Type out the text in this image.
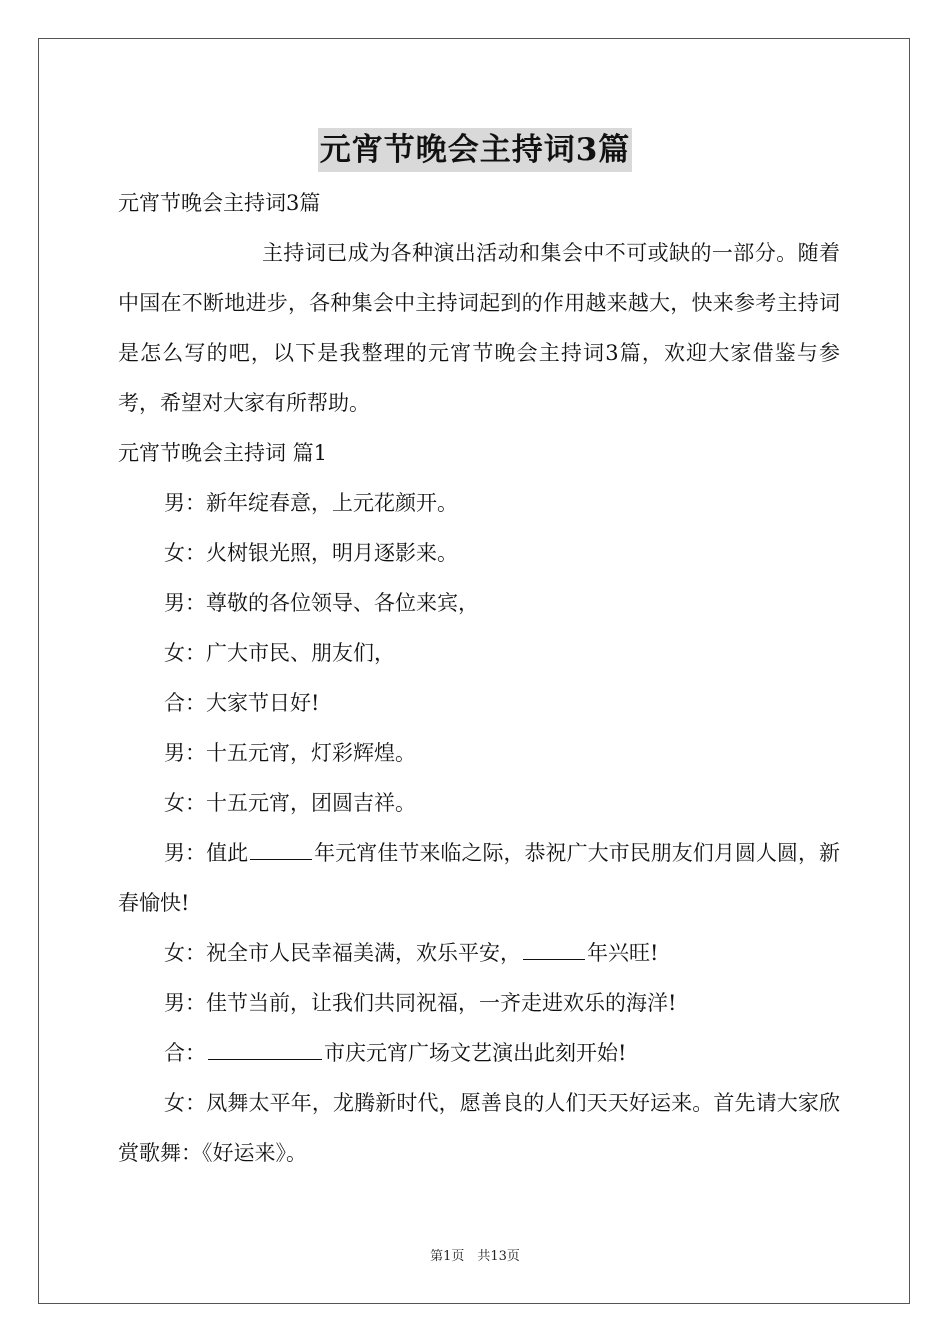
元宵节晚会主持词3篇

元宵节晚会主持词3篇

主持词已成为各种演出活动和集会中不可或缺的一部分。随着中国在不断地进步，各种集会中主持词起到的作用越来越大，快来参考主持词是怎么写的吧，以下是我整理的元宵节晚会主持词3篇，欢迎大家借鉴与参考，希望对大家有所帮助。

元宵节晚会主持词 篇1

男：新年绽春意，上元花颜开。

女：火树银光照，明月逐影来。

男：尊敬的各位领导、各位来宾，

女：广大市民、朋友们，

合：大家节日好!

男：十五元宵，灯彩辉煌。

女：十五元宵，团圆吉祥。

男：值此	年元宵佳节来临之际，恭祝广大市民朋友们月圆人圆，新春愉快!

女：祝全市人民幸福美满，欢乐平安，	年兴旺!

男：佳节当前，让我们共同祝福，一齐走进欢乐的海洋!

合：	市庆元宵广场文艺演出此刻开始!

女：凤舞太平年，龙腾新时代，愿善良的人们天天好运来。首先请大家欣赏歌舞：《好运来》。

第1页　共13页
